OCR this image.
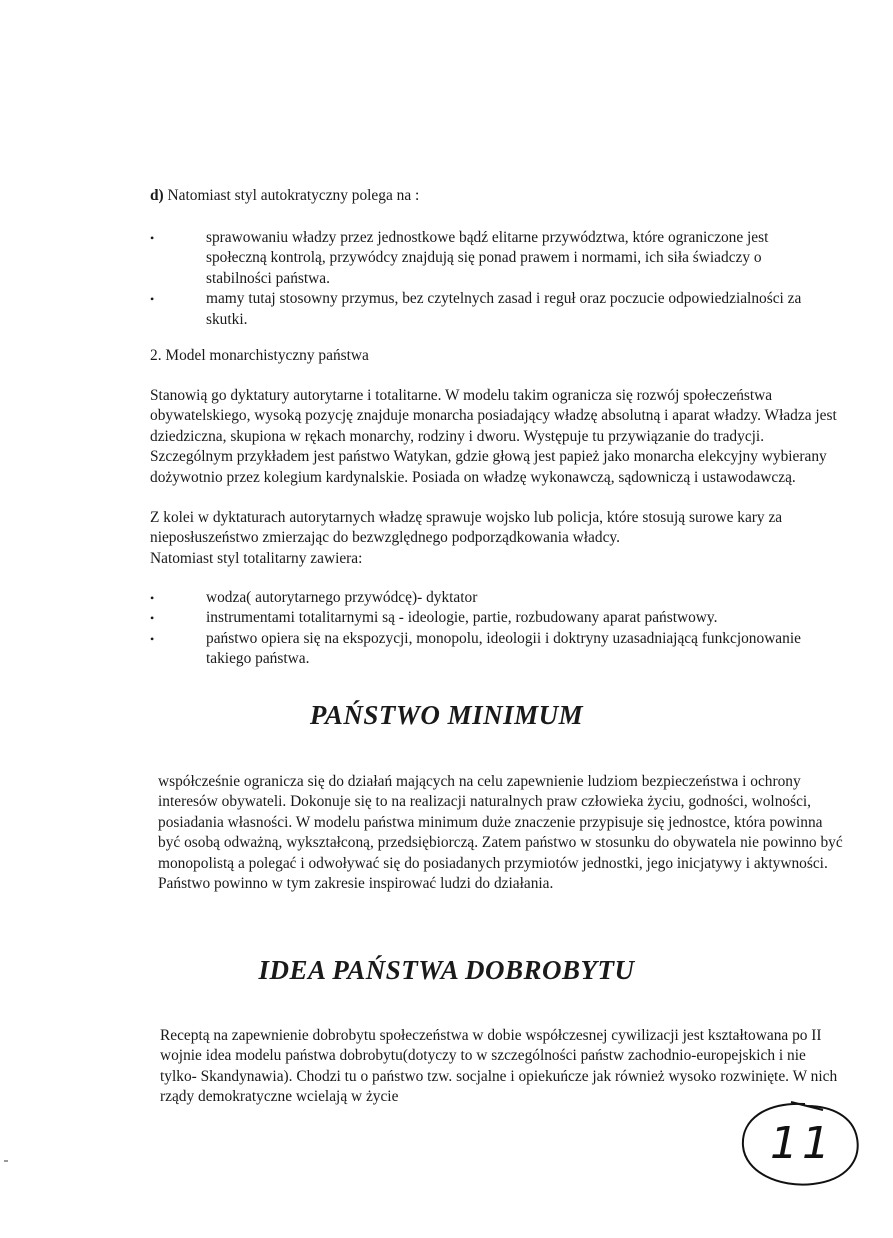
d) Natomiast styl autokratyczny polega na :
•	sprawowaniu władzy przez jednostkowe bądź elitarne przywództwa, które ograniczone jest społeczną kontrolą, przywódcy znajdują się ponad prawem i normami, ich siła świadczy o stabilności państwa.
•	mamy tutaj stosowny przymus, bez czytelnych zasad i reguł oraz poczucie odpowiedzialności za skutki.
2. Model monarchistyczny państwa
Stanowią go dyktatury autorytarne i totalitarne. W modelu takim ogranicza się rozwój społeczeństwa obywatelskiego, wysoką pozycję znajduje monarcha posiadający władzę absolutną i aparat władzy. Władza jest dziedziczna, skupiona w rękach monarchy, rodziny i dworu. Występuje tu przywiązanie do tradycji. Szczególnym przykładem jest państwo Watykan, gdzie głową jest papież jako monarcha elekcyjny wybierany dożywotnio przez kolegium kardynalskie. Posiada on władzę wykonawczą, sądowniczą i ustawodawczą.
Z kolei w dyktaturach autorytarnych władzę sprawuje wojsko lub policja, które stosują surowe kary za nieposłuszeństwo zmierzając do bezwzględnego podporządkowania władcy.
Natomiast styl totalitarny zawiera:
•	wodza( autorytarnego przywódcę)- dyktator
•	instrumentami totalitarnymi są - ideologie, partie, rozbudowany aparat państwowy.
•	państwo opiera się na ekspozycji, monopolu, ideologii i doktryny uzasadniającą funkcjonowanie takiego państwa.
PAŃSTWO MINIMUM
współcześnie ogranicza się do działań mających na celu zapewnienie ludziom bezpieczeństwa i ochrony interesów obywateli. Dokonuje się to na realizacji naturalnych praw człowieka życiu, godności, wolności, posiadania własności. W modelu państwa minimum duże znaczenie przypisuje się jednostce, która powinna być osobą odważną, wykształconą, przedsiębiorczą. Zatem państwo w stosunku do obywatela nie powinno być monopolistą a polegać i odwoływać się do posiadanych przymiotów jednostki, jego inicjatywy i aktywności. Państwo powinno w tym zakresie inspirować ludzi do działania.
IDEA PAŃSTWA DOBROBYTU
Receptą na zapewnienie dobrobytu społeczeństwa w dobie współczesnej cywilizacji jest kształtowana po II wojnie idea modelu państwa dobrobytu(dotyczy to w szczególności państw zachodnio-europejskich i nie tylko- Skandynawia). Chodzi tu o państwo tzw. socjalne i opiekuńcze jak również wysoko rozwinięte. W nich rządy demokratyczne wcielają w życie
11
